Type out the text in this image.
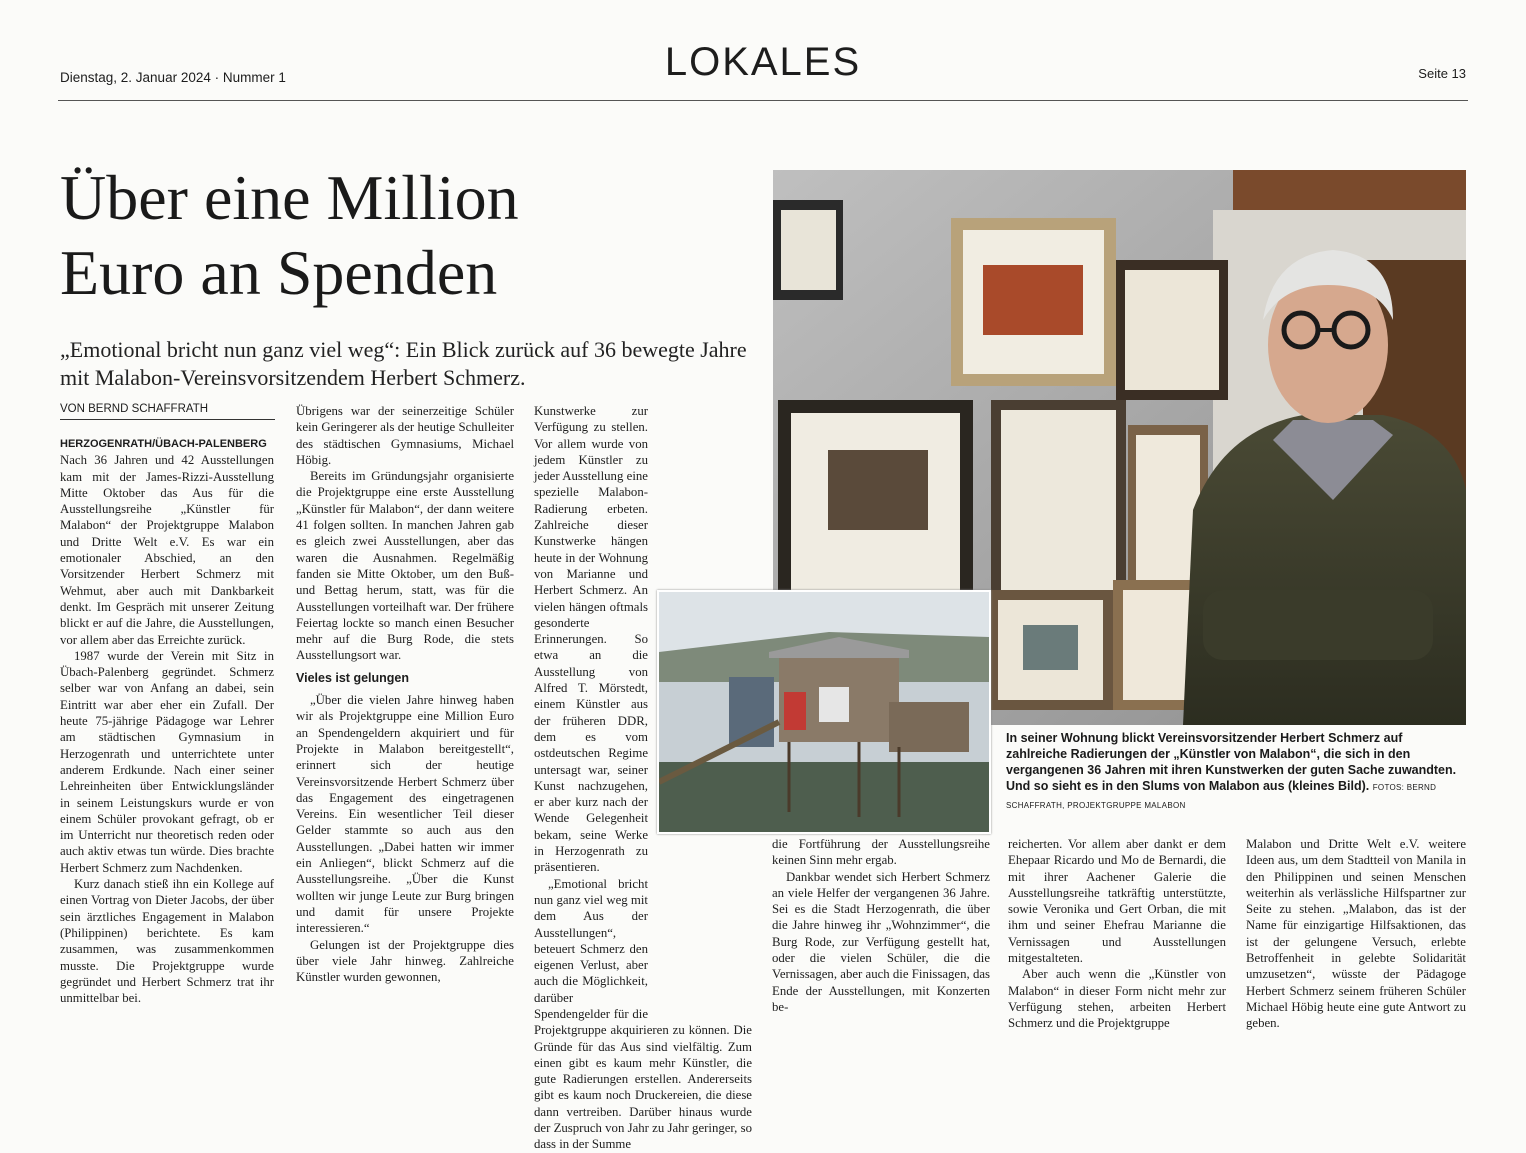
Dienstag, 2. Januar 2024 · Nummer 1	LOKALES	Seite 13
Über eine Million
Euro an Spenden
„Emotional bricht nun ganz viel weg“: Ein Blick zurück auf 36 bewegte Jahre mit Malabon-Vereinsvorsitzendem Herbert Schmerz.
VON BERND SCHAFFRATH
HERZOGENRATH/ÜBACH-PALENBERG

Nach 36 Jahren und 42 Ausstellungen kam mit der James-Rizzi-Ausstellung Mitte Oktober das Aus für die Ausstellungsreihe „Künstler für Malabon“ der Projektgruppe Malabon und Dritte Welt e.V. Es war ein emotionaler Abschied, an den Vorsitzender Herbert Schmerz mit Wehmut, aber auch mit Dankbarkeit denkt. Im Gespräch mit unserer Zeitung blickt er auf die Jahre, die Ausstellungen, vor allem aber das Erreichte zurück.

1987 wurde der Verein mit Sitz in Übach-Palenberg gegründet. Schmerz selber war von Anfang an dabei, sein Eintritt war aber eher ein Zufall. Der heute 75-jährige Pädagoge war Lehrer am städtischen Gymnasium in Herzogenrath und unterrichtete unter anderem Erdkunde. Nach einer seiner Lehreinheiten über Entwicklungsländer in seinem Leistungskurs wurde er von einem Schüler provokant gefragt, ob er im Unterricht nur theoretisch reden oder auch aktiv etwas tun würde. Dies brachte Herbert Schmerz zum Nachdenken.

Kurz danach stieß ihn ein Kollege auf einen Vortrag von Dieter Jacobs, der über sein ärztliches Engagement in Malabon (Philippinen) berichtete. Es kam zusammen, was zusammenkommen musste. Die Projektgruppe wurde gegründet und Herbert Schmerz trat ihr unmittelbar bei.

Übrigens war der seinerzeitige Schüler kein Geringerer als der heutige Schulleiter des städtischen Gymnasiums, Michael Höbig.

Bereits im Gründungsjahr organisierte die Projektgruppe eine erste Ausstellung „Künstler für Malabon“, der dann weitere 41 folgen sollten. In manchen Jahren gab es gleich zwei Ausstellungen, aber das waren die Ausnahmen. Regelmäßig fanden sie Mitte Oktober, um den Buß- und Bettag herum, statt, was für die Ausstellungen vorteilhaft war. Der frühere Feiertag lockte so manch einen Besucher mehr auf die Burg Rode, die stets Ausstellungsort war.

Vieles ist gelungen

„Über die vielen Jahre hinweg haben wir als Projektgruppe eine Million Euro an Spendengeldern akquiriert und für Projekte in Malabon bereitgestellt“, erinnert sich der heutige Vereinsvorsitzende Herbert Schmerz über das Engagement des eingetragenen Vereins. Ein wesentlicher Teil dieser Gelder stammte so auch aus den Ausstellungen. „Dabei hatten wir immer ein Anliegen“, blickt Schmerz auf die Ausstellungsreihe. „Über die Kunst wollten wir junge Leute zur Burg bringen und damit für unsere Projekte interessieren.“

Gelungen ist der Projektgruppe dies über viele Jahr hinweg. Zahlreiche Künstler wurden gewonnen,

Kunstwerke zur Verfügung zu stellen. Vor allem wurde von jedem Künstler zu jeder Ausstellung eine spezielle Malabon-Radierung erbeten. Zahlreiche dieser Kunstwerke hängen heute in der Wohnung von Marianne und Herbert Schmerz. An vielen hängen oftmals gesonderte Erinnerungen. So etwa an die Ausstellung von Alfred T. Mörstedt, einem Künstler aus der früheren DDR, dem es vom ostdeutschen Regime untersagt war, seiner Kunst nachzugehen, er aber kurz nach der Wende Gelegenheit bekam, seine Werke in Herzogenrath zu präsentieren.

„Emotional bricht nun ganz viel weg mit dem Aus der Ausstellungen“, beteuert Schmerz den eigenen Verlust, aber auch die Möglichkeit, darüber Spendengelder für die Projektgruppe akquirieren zu können. Die Gründe für das Aus sind vielfältig. Zum einen gibt es kaum mehr Künstler, die gute Radierungen erstellen. Andererseits gibt es kaum noch Druckereien, die diese dann vertreiben. Darüber hinaus wurde der Zuspruch von Jahr zu Jahr geringer, so dass in der Summe

die Fortführung der Ausstellungsreihe keinen Sinn mehr ergab.

Dankbar wendet sich Herbert Schmerz an viele Helfer der vergangenen 36 Jahre. Sei es die Stadt Herzogenrath, die über die Jahre hinweg ihr „Wohnzimmer“, die Burg Rode, zur Verfügung gestellt hat, oder die vielen Schüler, die die Vernissagen, aber auch die Finissagen, das Ende der Ausstellungen, mit Konzerten be-

reicherten. Vor allem aber dankt er dem Ehepaar Ricardo und Mo de Bernardi, die mit ihrer Aachener Galerie die Ausstellungsreihe tatkräftig unterstützte, sowie Veronika und Gert Orban, die mit ihm und seiner Ehefrau Marianne die Vernissagen und Ausstellungen mitgestalteten.

Aber auch wenn die „Künstler von Malabon“ in dieser Form nicht mehr zur Verfügung stehen, arbeiten Herbert Schmerz und die Projektgruppe

Malabon und Dritte Welt e.V. weitere Ideen aus, um dem Stadtteil von Manila in den Philippinen und seinen Menschen weiterhin als verlässliche Hilfspartner zur Seite zu stehen. „Malabon, das ist der Name für einzigartige Hilfsaktionen, das ist der gelungene Versuch, erlebte Betroffenheit in gelebte Solidarität umzusetzen“, wüsste der Pädagoge Herbert Schmerz seinem früheren Schüler Michael Höbig heute eine gute Antwort zu geben.

In seiner Wohnung blickt Vereinsvorsitzender Herbert Schmerz auf zahlreiche Radierungen der „Künstler von Malabon“, die sich in den vergangenen 36 Jahren mit ihren Kunstwerken der guten Sache zuwandten. Und so sieht es in den Slums von Malabon aus (kleines Bild). FOTOS: BERND SCHAFFRATH, PROJEKTGRUPPE MALABON
